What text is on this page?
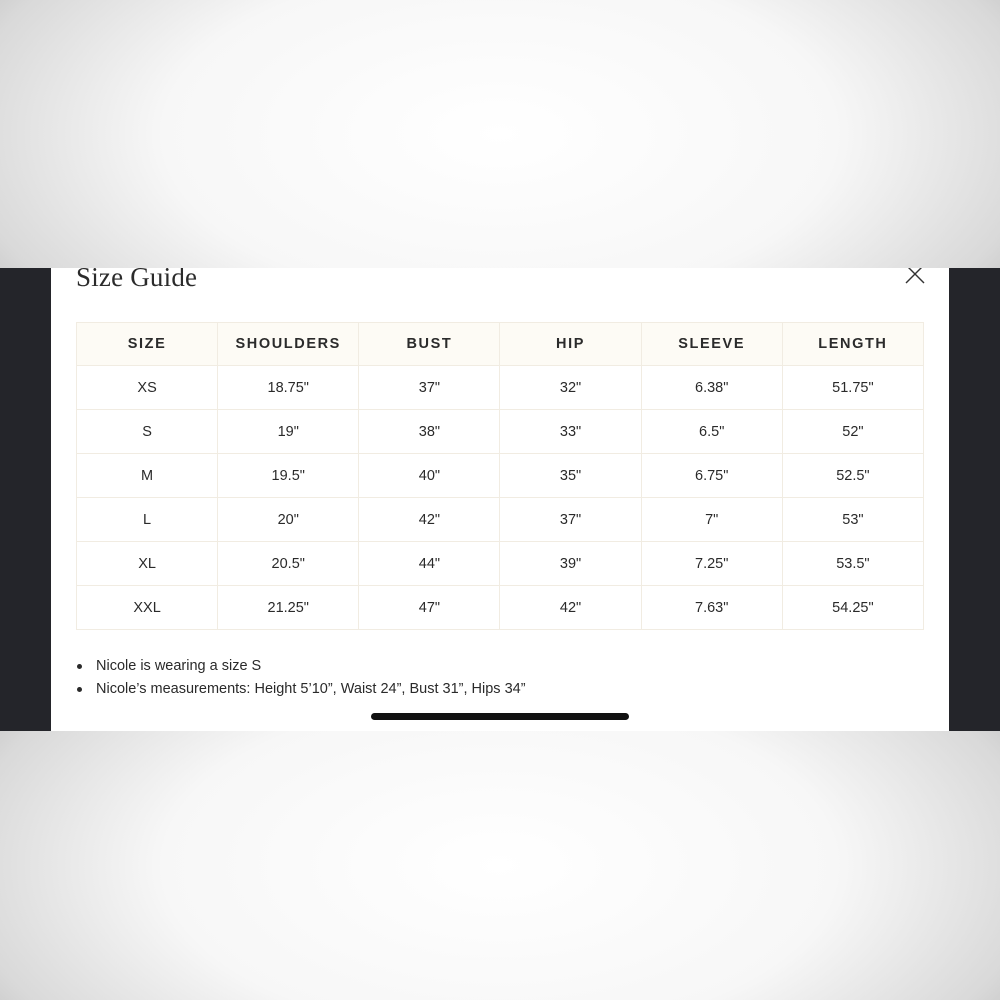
Size Guide
SIZE	SHOULDERS	BUST	HIP	SLEEVE	LENGTH
XS	18.75"	37"	32"	6.38"	51.75"
S	19"	38"	33"	6.5"	52"
M	19.5"	40"	35"	6.75"	52.5"
L	20"	42"	37"	7"	53"
XL	20.5"	44"	39"	7.25"	53.5"
XXL	21.25"	47"	42"	7.63"	54.25"
Nicole is wearing a size S
Nicole’s measurements: Height 5’10”, Waist 24”, Bust 31”, Hips 34”
